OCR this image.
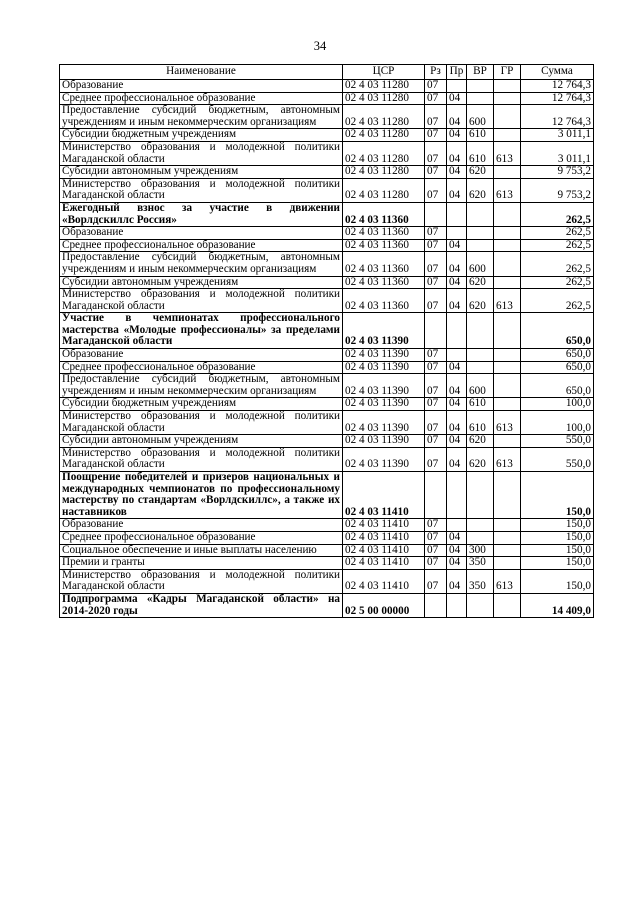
34
Наименование	ЦСР	Рз	Пр	ВР	ГР	Сумма
Образование	02 4 03 11280	07				12 764,3
Среднее профессиональное образование	02 4 03 11280	07	04			12 764,3
Предоставление субсидий бюджетным, автономным учреждениям и иным некоммерческим организациям	02 4 03 11280	07	04	600		12 764,3
Субсидии бюджетным учреждениям	02 4 03 11280	07	04	610		3 011,1
Министерство образования и молодежной политики Магаданской области	02 4 03 11280	07	04	610	613	3 011,1
Субсидии автономным учреждениям	02 4 03 11280	07	04	620		9 753,2
Министерство образования и молодежной политики Магаданской области	02 4 03 11280	07	04	620	613	9 753,2
Ежегодный взнос за участие в движении «Ворлдскиллс Россия»	02 4 03 11360					262,5
Образование	02 4 03 11360	07				262,5
Среднее профессиональное образование	02 4 03 11360	07	04			262,5
Предоставление субсидий бюджетным, автономным учреждениям и иным некоммерческим организациям	02 4 03 11360	07	04	600		262,5
Субсидии автономным учреждениям	02 4 03 11360	07	04	620		262,5
Министерство образования и молодежной политики Магаданской области	02 4 03 11360	07	04	620	613	262,5
Участие в чемпионатах профессионального мастерства «Молодые профессионалы» за пределами Магаданской области	02 4 03 11390					650,0
Образование	02 4 03 11390	07				650,0
Среднее профессиональное образование	02 4 03 11390	07	04			650,0
Предоставление субсидий бюджетным, автономным учреждениям и иным некоммерческим организациям	02 4 03 11390	07	04	600		650,0
Субсидии бюджетным учреждениям	02 4 03 11390	07	04	610		100,0
Министерство образования и молодежной политики Магаданской области	02 4 03 11390	07	04	610	613	100,0
Субсидии автономным учреждениям	02 4 03 11390	07	04	620		550,0
Министерство образования и молодежной политики Магаданской области	02 4 03 11390	07	04	620	613	550,0
Поощрение победителей и призеров национальных и международных чемпионатов по профессиональному мастерству по стандартам «Ворлдскиллс», а также их наставников	02 4 03 11410					150,0
Образование	02 4 03 11410	07				150,0
Среднее профессиональное образование	02 4 03 11410	07	04			150,0
Социальное обеспечение и иные выплаты населению	02 4 03 11410	07	04	300		150,0
Премии и гранты	02 4 03 11410	07	04	350		150,0
Министерство образования и молодежной политики Магаданской области	02 4 03 11410	07	04	350	613	150,0
Подпрограмма «Кадры Магаданской области» на 2014-2020 годы	02 5 00 00000					14 409,0
